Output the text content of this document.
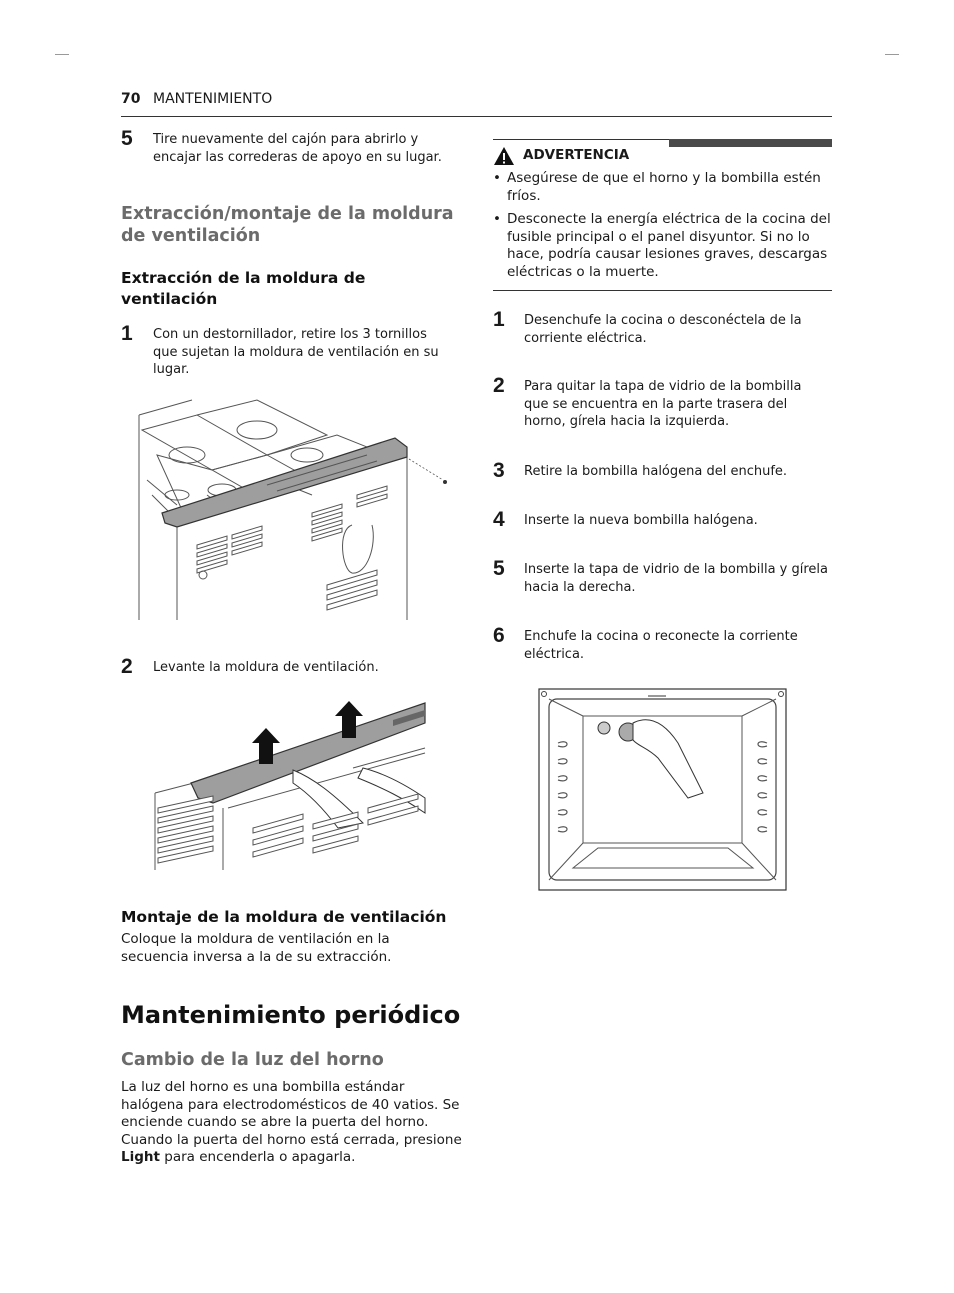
70 MANTENIMIENTO
5 Tire nuevamente del cajón para abrirlo y encajar las correderas de apoyo en su lugar.
Extracción/montaje de la moldura de ventilación
Extracción de la moldura de ventilación
1 Con un destornillador, retire los 3 tornillos que sujetan la moldura de ventilación en su lugar.
2 Levante la moldura de ventilación.
Montaje de la moldura de ventilación
Coloque la moldura de ventilación en la secuencia inversa a la de su extracción.
Mantenimiento periódico
Cambio de la luz del horno
La luz del horno es una bombilla estándar halógena para electrodomésticos de 40 vatios. Se enciende cuando se abre la puerta del horno. Cuando la puerta del horno está cerrada, presione Light para encenderla o apagarla.
ADVERTENCIA
• Asegúrese de que el horno y la bombilla estén fríos.
• Desconecte la energía eléctrica de la cocina del fusible principal o el panel disyuntor. Si no lo hace, podría causar lesiones graves, descargas eléctricas o la muerte.
1 Desenchufe la cocina o desconéctela de la corriente eléctrica.
2 Para quitar la tapa de vidrio de la bombilla que se encuentra en la parte trasera del horno, gírela hacia la izquierda.
3 Retire la bombilla halógena del enchufe.
4 Inserte la nueva bombilla halógena.
5 Inserte la tapa de vidrio de la bombilla y gírela hacia la derecha.
6 Enchufe la cocina o reconecte la corriente eléctrica.
